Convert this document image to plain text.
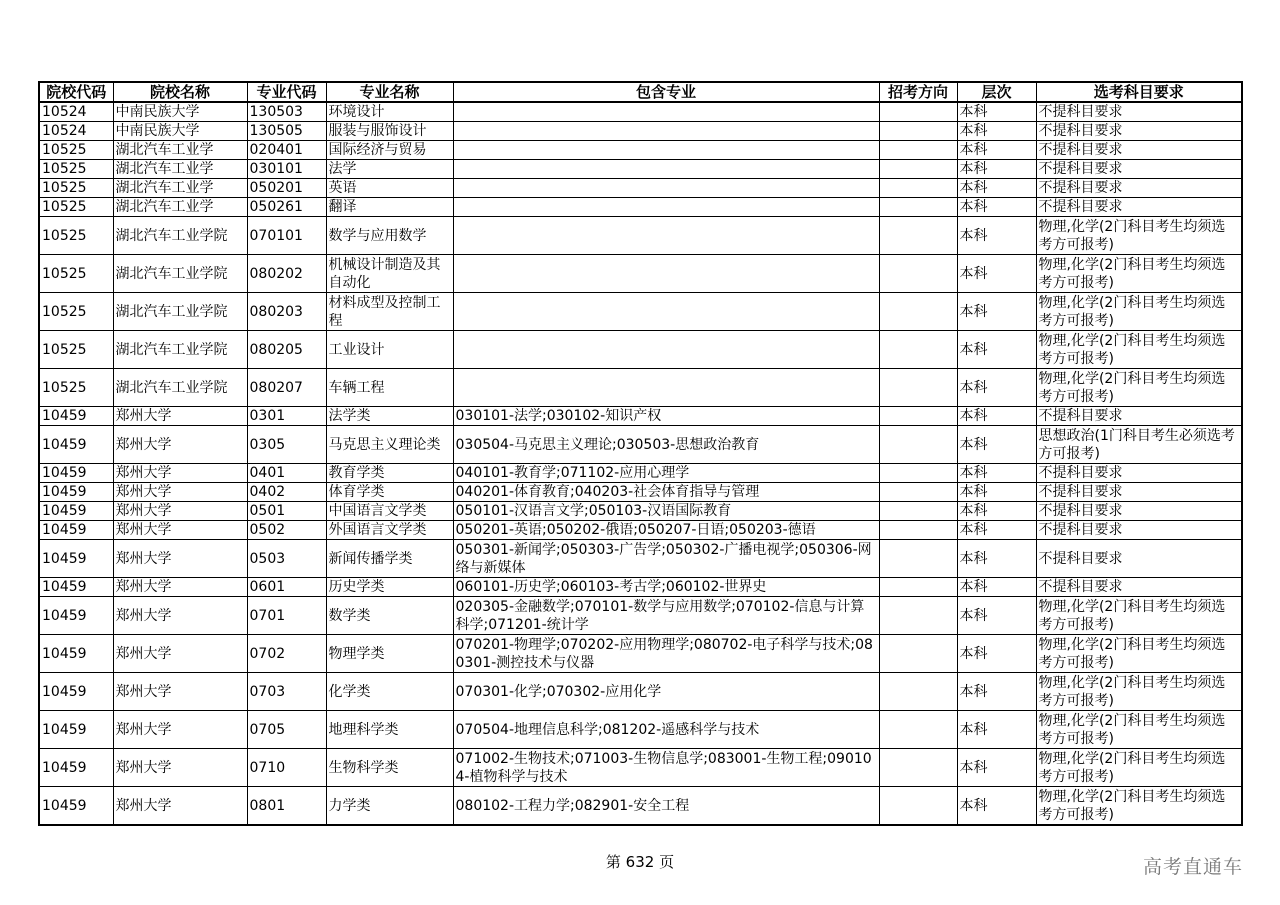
院校代码	院校名称	专业代码	专业名称	包含专业	招考方向	层次	选考科目要求
10524	中南民族大学	130503	环境设计			本科	不提科目要求
10524	中南民族大学	130505	服装与服饰设计			本科	不提科目要求
10525	湖北汽车工业学	020401	国际经济与贸易			本科	不提科目要求
10525	湖北汽车工业学	030101	法学			本科	不提科目要求
10525	湖北汽车工业学	050201	英语			本科	不提科目要求
10525	湖北汽车工业学	050261	翻译			本科	不提科目要求
10525	湖北汽车工业学院	070101	数学与应用数学			本科	物理,化学(2门科目考生均须选考方可报考)
10525	湖北汽车工业学院	080202	机械设计制造及其自动化			本科	物理,化学(2门科目考生均须选考方可报考)
10525	湖北汽车工业学院	080203	材料成型及控制工程			本科	物理,化学(2门科目考生均须选考方可报考)
10525	湖北汽车工业学院	080205	工业设计			本科	物理,化学(2门科目考生均须选考方可报考)
10525	湖北汽车工业学院	080207	车辆工程			本科	物理,化学(2门科目考生均须选考方可报考)
10459	郑州大学	0301	法学类	030101-法学;030102-知识产权		本科	不提科目要求
10459	郑州大学	0305	马克思主义理论类	030504-马克思主义理论;030503-思想政治教育		本科	思想政治(1门科目考生必须选考方可报考)
10459	郑州大学	0401	教育学类	040101-教育学;071102-应用心理学		本科	不提科目要求
10459	郑州大学	0402	体育学类	040201-体育教育;040203-社会体育指导与管理		本科	不提科目要求
10459	郑州大学	0501	中国语言文学类	050101-汉语言文学;050103-汉语国际教育		本科	不提科目要求
10459	郑州大学	0502	外国语言文学类	050201-英语;050202-俄语;050207-日语;050203-德语		本科	不提科目要求
10459	郑州大学	0503	新闻传播学类	050301-新闻学;050303-广告学;050302-广播电视学;050306-网络与新媒体		本科	不提科目要求
10459	郑州大学	0601	历史学类	060101-历史学;060103-考古学;060102-世界史		本科	不提科目要求
10459	郑州大学	0701	数学类	020305-金融数学;070101-数学与应用数学;070102-信息与计算科学;071201-统计学		本科	物理,化学(2门科目考生均须选考方可报考)
10459	郑州大学	0702	物理学类	070201-物理学;070202-应用物理学;080702-电子科学与技术;080301-测控技术与仪器		本科	物理,化学(2门科目考生均须选考方可报考)
10459	郑州大学	0703	化学类	070301-化学;070302-应用化学		本科	物理,化学(2门科目考生均须选考方可报考)
10459	郑州大学	0705	地理科学类	070504-地理信息科学;081202-遥感科学与技术		本科	物理,化学(2门科目考生均须选考方可报考)
10459	郑州大学	0710	生物科学类	071002-生物技术;071003-生物信息学;083001-生物工程;090104-植物科学与技术		本科	物理,化学(2门科目考生均须选考方可报考)
10459	郑州大学	0801	力学类	080102-工程力学;082901-安全工程		本科	物理,化学(2门科目考生均须选考方可报考)
第 632 页	高考直通车
